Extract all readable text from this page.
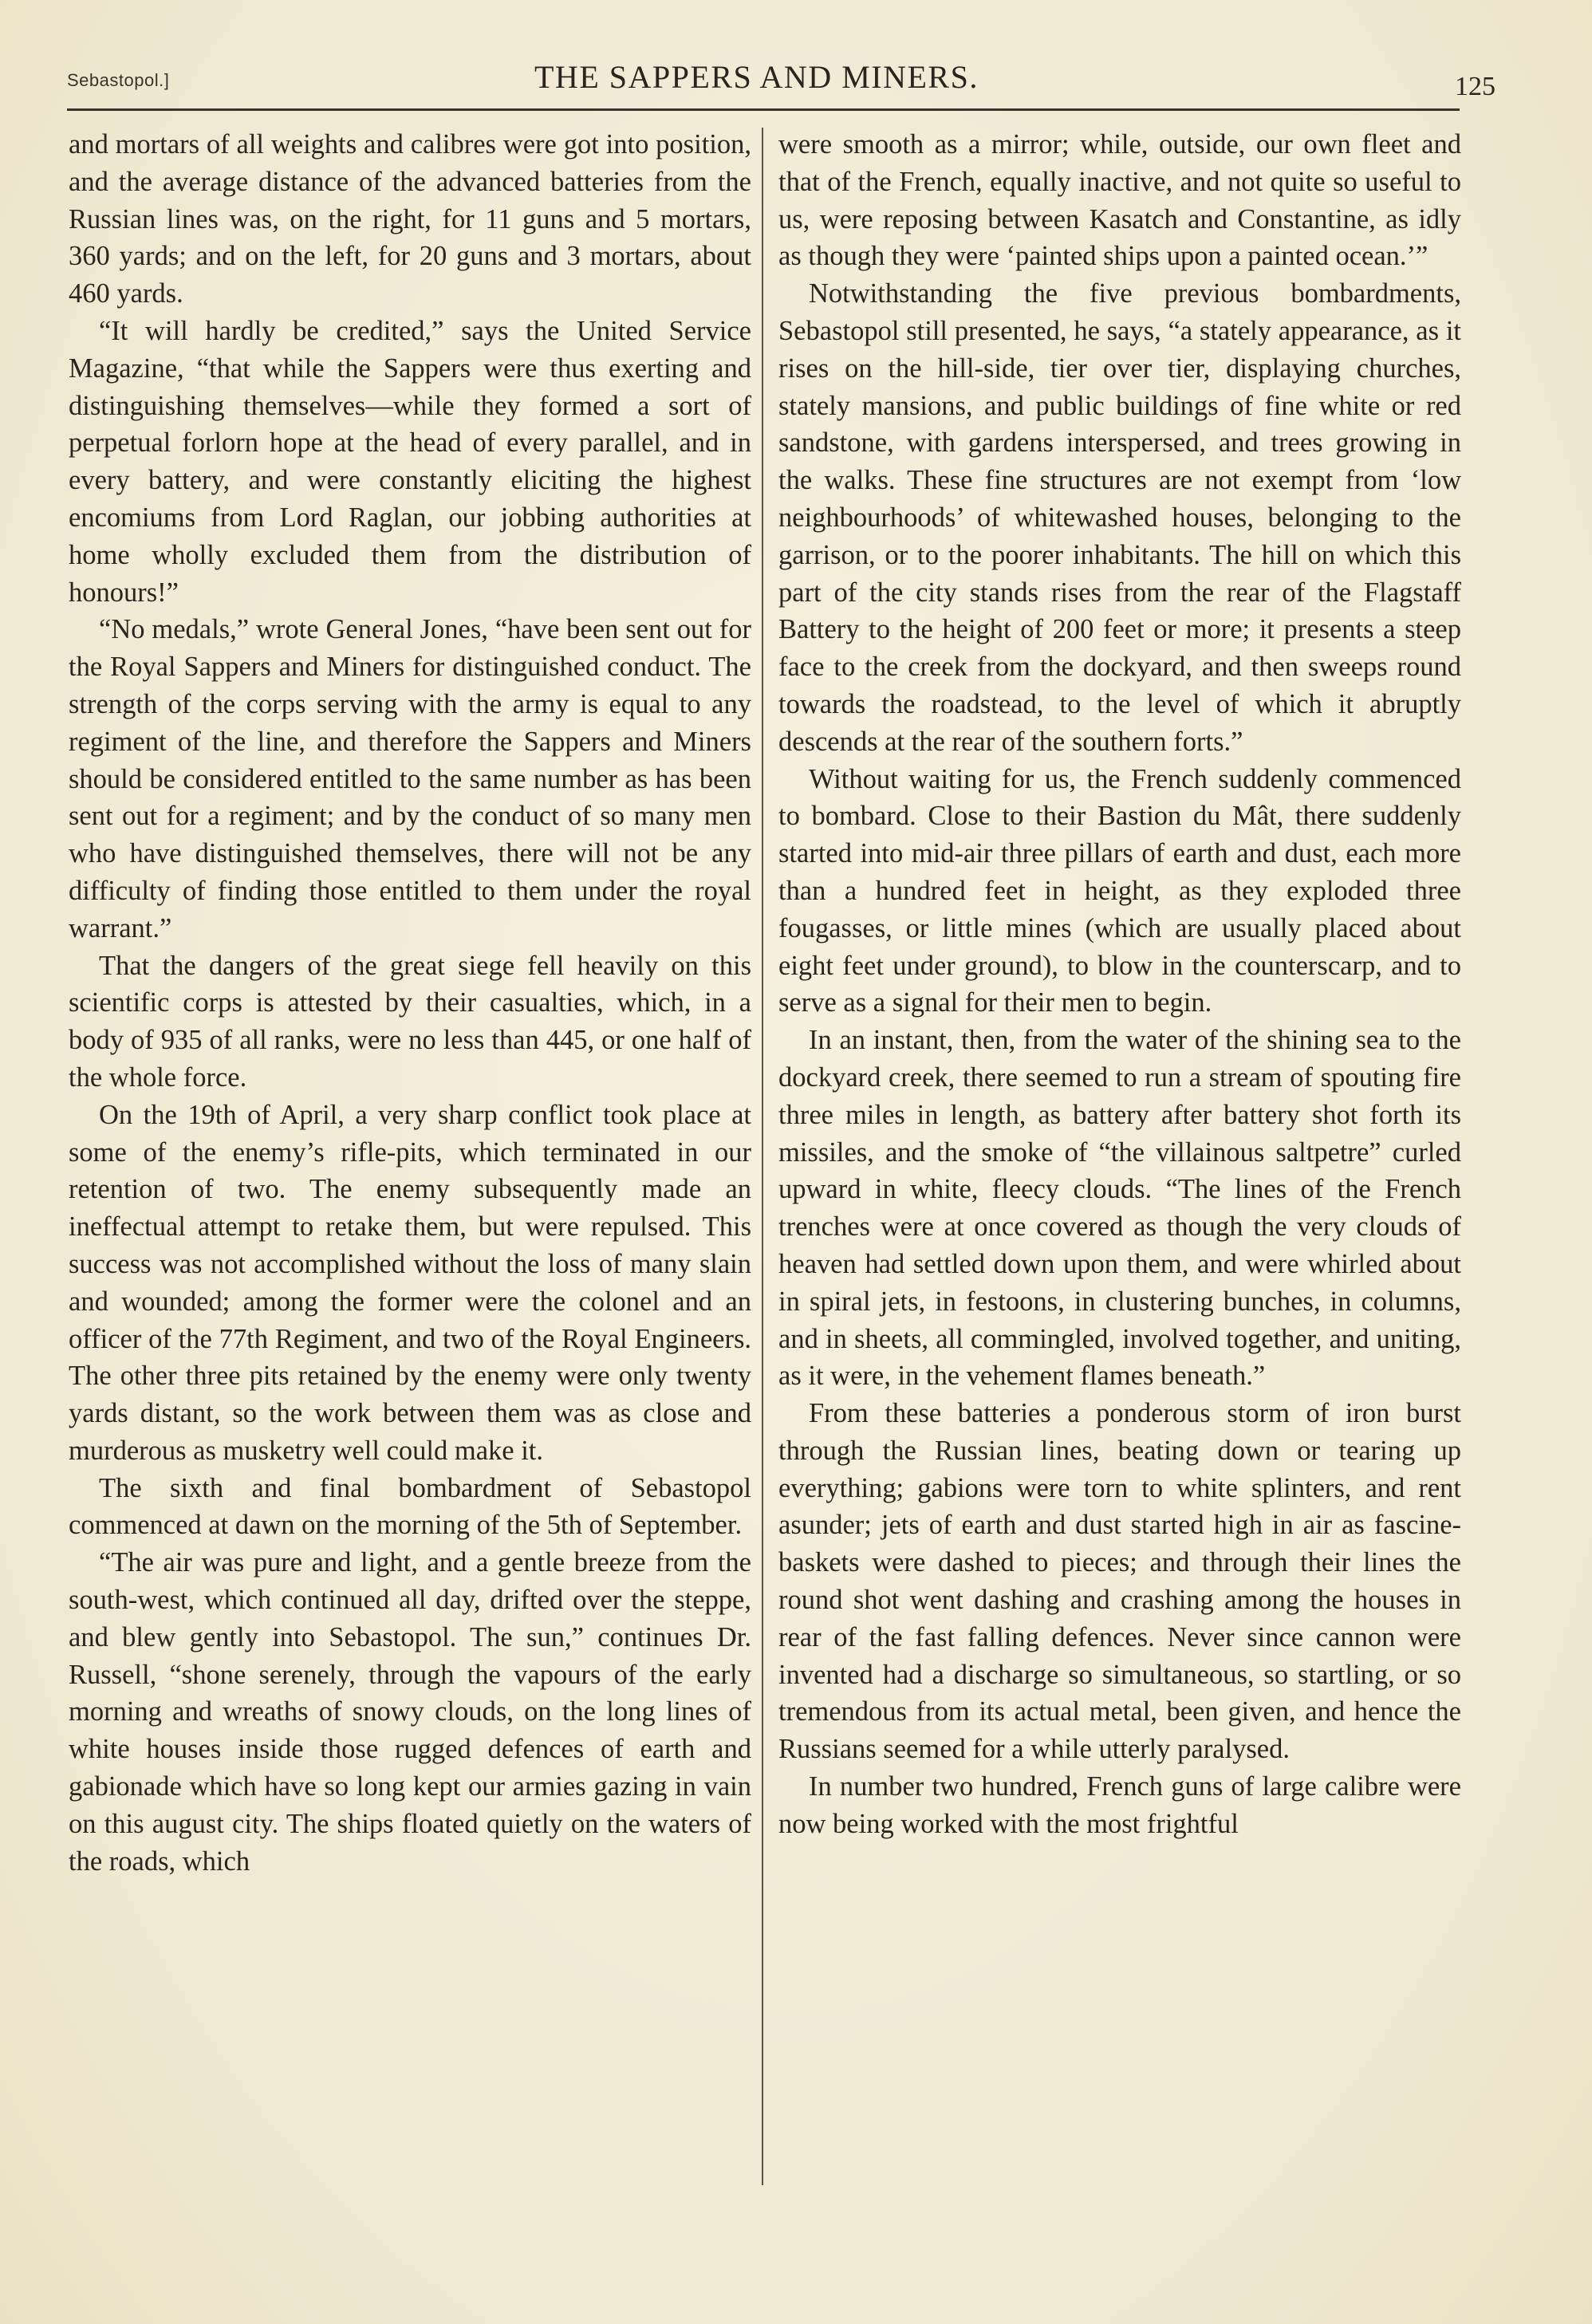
Sebastopol.]	THE SAPPERS AND MINERS.	125

and mortars of all weights and calibres were got into position, and the average distance of the advanced batteries from the Russian lines was, on the right, for 11 guns and 5 mortars, 360 yards; and on the left, for 20 guns and 3 mortars, about 460 yards.

“It will hardly be credited,” says the United Service Magazine, “that while the Sappers were thus exerting and distinguishing themselves—while they formed a sort of perpetual forlorn hope at the head of every parallel, and in every battery, and were constantly eliciting the highest encomiums from Lord Raglan, our jobbing authorities at home wholly excluded them from the distribution of honours!”

“No medals,” wrote General Jones, “have been sent out for the Royal Sappers and Miners for distinguished conduct. The strength of the corps serving with the army is equal to any regiment of the line, and therefore the Sappers and Miners should be considered entitled to the same number as has been sent out for a regiment; and by the conduct of so many men who have distinguished themselves, there will not be any difficulty of finding those entitled to them under the royal warrant.”

That the dangers of the great siege fell heavily on this scientific corps is attested by their casualties, which, in a body of 935 of all ranks, were no less than 445, or one half of the whole force.

On the 19th of April, a very sharp conflict took place at some of the enemy’s rifle-pits, which terminated in our retention of two. The enemy subsequently made an ineffectual attempt to retake them, but were repulsed. This success was not accomplished without the loss of many slain and wounded; among the former were the colonel and an officer of the 77th Regiment, and two of the Royal Engineers. The other three pits retained by the enemy were only twenty yards distant, so the work between them was as close and murderous as musketry well could make it.

The sixth and final bombardment of Sebastopol commenced at dawn on the morning of the 5th of September.

“The air was pure and light, and a gentle breeze from the south-west, which continued all day, drifted over the steppe, and blew gently into Sebastopol. The sun,” continues Dr. Russell, “shone serenely, through the vapours of the early morning and wreaths of snowy clouds, on the long lines of white houses inside those rugged defences of earth and gabionade which have so long kept our armies gazing in vain on this august city. The ships floated quietly on the waters of the roads, which

were smooth as a mirror; while, outside, our own fleet and that of the French, equally inactive, and not quite so useful to us, were reposing between Kasatch and Constantine, as idly as though they were ‘painted ships upon a painted ocean.’”

Notwithstanding the five previous bombardments, Sebastopol still presented, he says, “a stately appearance, as it rises on the hill-side, tier over tier, displaying churches, stately mansions, and public buildings of fine white or red sandstone, with gardens interspersed, and trees growing in the walks. These fine structures are not exempt from ‘low neighbourhoods’ of whitewashed houses, belonging to the garrison, or to the poorer inhabitants. The hill on which this part of the city stands rises from the rear of the Flagstaff Battery to the height of 200 feet or more; it presents a steep face to the creek from the dockyard, and then sweeps round towards the roadstead, to the level of which it abruptly descends at the rear of the southern forts.”

Without waiting for us, the French suddenly commenced to bombard. Close to their Bastion du Mât, there suddenly started into mid-air three pillars of earth and dust, each more than a hundred feet in height, as they exploded three fougasses, or little mines (which are usually placed about eight feet under ground), to blow in the counterscarp, and to serve as a signal for their men to begin.

In an instant, then, from the water of the shining sea to the dockyard creek, there seemed to run a stream of spouting fire three miles in length, as battery after battery shot forth its missiles, and the smoke of “the villainous saltpetre” curled upward in white, fleecy clouds. “The lines of the French trenches were at once covered as though the very clouds of heaven had settled down upon them, and were whirled about in spiral jets, in festoons, in clustering bunches, in columns, and in sheets, all commingled, involved together, and uniting, as it were, in the vehement flames beneath.”

From these batteries a ponderous storm of iron burst through the Russian lines, beating down or tearing up everything; gabions were torn to white splinters, and rent asunder; jets of earth and dust started high in air as fascine-baskets were dashed to pieces; and through their lines the round shot went dashing and crashing among the houses in rear of the fast falling defences. Never since cannon were invented had a discharge so simultaneous, so startling, or so tremendous from its actual metal, been given, and hence the Russians seemed for a while utterly paralysed.

In number two hundred, French guns of large calibre were now being worked with the most frightful
